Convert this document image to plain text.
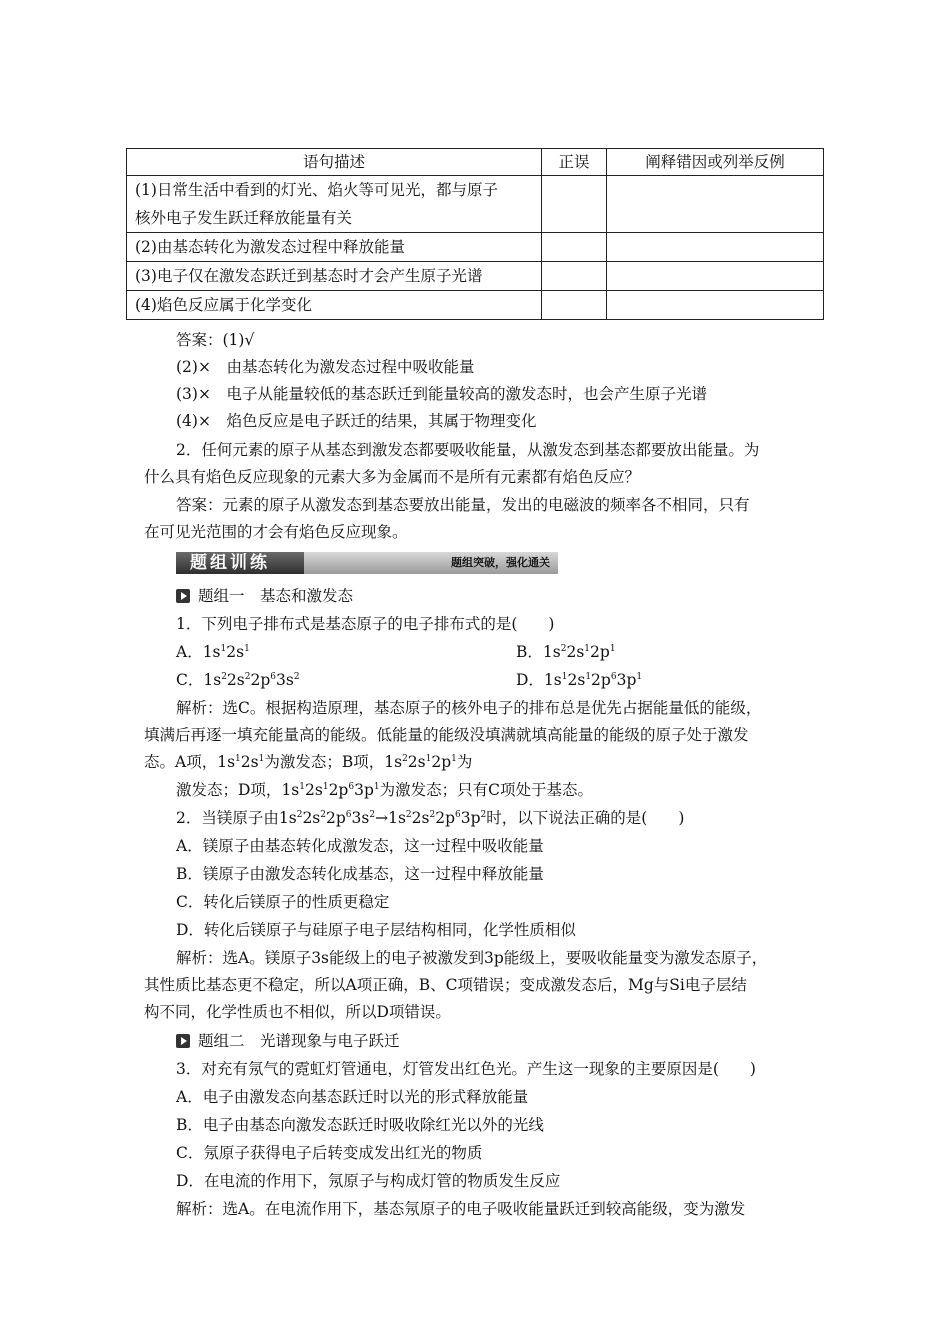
语句描述	正误	阐释错因或列举反例

(1)日常生活中看到的灯光、焰火等可见光，都与原子
核外电子发生跃迁释放能量有关		

(2)由基态转化为激发态过程中释放能量		
(3)电子仅在激发态跃迁到基态时才会产生原子光谱		
(4)焰色反应属于化学变化		
答案：(1)√
(2)×　由基态转化为激发态过程中吸收能量
(3)×　电子从能量较低的基态跃迁到能量较高的激发态时，也会产生原子光谱
(4)×　焰色反应是电子跃迁的结果，其属于物理变化
2．任何元素的原子从基态到激发态都要吸收能量，从激发态到基态都要放出能量。为
什么具有焰色反应现象的元素大多为金属而不是所有元素都有焰色反应？
答案：元素的原子从激发态到基态要放出能量，发出的电磁波的频率各不相同，只有
在可见光范围的才会有焰色反应现象。
题组训练	题组突破，强化通关
题组一　基态和激发态
1．下列电子排布式是基态原子的电子排布式的是(　　)
A．$1s^12s^1$	B．$1s^22s^12p^1$
C．$1s^22s^22p^63s^2$	D．$1s^12s^12p^63p^1$
解析：选C。根据构造原理，基态原子的核外电子的排布总是优先占据能量低的能级，
填满后再逐一填充能量高的能级。低能量的能级没填满就填高能量的能级的原子处于激发
态。A项，$1s^12s^1$为激发态；B项，$1s^22s^12p^1$为
激发态；D项，$1s^12s^12p^63p^1$为激发态；只有C项处于基态。
2．当镁原子由$1s^22s^22p^63s^2\to 1s^22s^22p^63p^2$时，以下说法正确的是(　　)
A．镁原子由基态转化成激发态，这一过程中吸收能量
B．镁原子由激发态转化成基态，这一过程中释放能量
C．转化后镁原子的性质更稳定
D．转化后镁原子与硅原子电子层结构相同，化学性质相似
解析：选A。镁原子3s能级上的电子被激发到3p能级上，要吸收能量变为激发态原子，
其性质比基态更不稳定，所以A项正确，B、C项错误；变成激发态后，Mg与Si电子层结
构不同，化学性质也不相似，所以D项错误。
题组二　光谱现象与电子跃迁
3．对充有氖气的霓虹灯管通电，灯管发出红色光。产生这一现象的主要原因是(　　)
A．电子由激发态向基态跃迁时以光的形式释放能量
B．电子由基态向激发态跃迁时吸收除红光以外的光线
C．氖原子获得电子后转变成发出红光的物质
D．在电流的作用下，氖原子与构成灯管的物质发生反应
解析：选A。在电流作用下，基态氖原子的电子吸收能量跃迁到较高能级，变为激发
